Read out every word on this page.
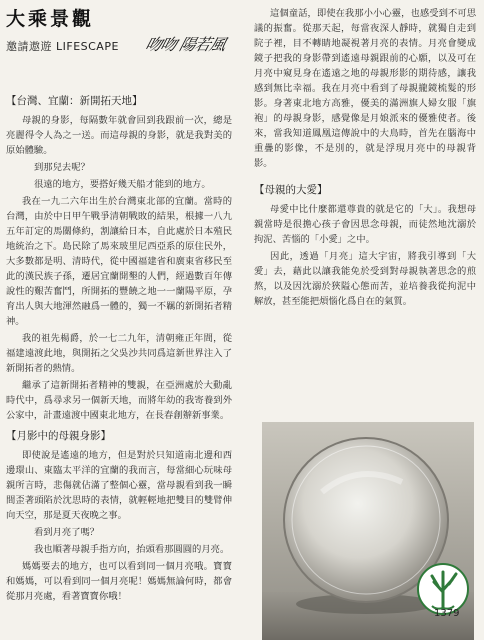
大乘景觀
邀請遨遊 LIFESCAPE 吻吻 陽若風
【台灣、宜蘭：新開拓天地】

母親的身影，每隔數年就會回到我跟前一次，總是亮麗得令人為之一送。而這母親的身影，就是我對美的原始體驗。

到那兒去呢？

很遠的地方，要搭好幾天船才能到的地方。

我在一九二六年出生於台灣東北部的宜蘭。當時的台灣，由於中日甲午戰爭清朝戰敗的結果，根據一八九五年訂定的馬關條約，割讓給日本，自此處於日本殖民地統治之下。島民除了馬來玻里尼西亞系的原住民外，大多數都是明、清時代，從中國福建省和廣東省移民至此的漢民族子孫，遷居宜蘭開墾的人們，經過數百年傳說性的艱苦奮鬥，所開拓的豐饒之地一一蘭陽平原，孕育出人與大地渾然融爲一體的，獨一不羈的新開拓者精神。

我的祖先楊爵，於一七二九年，清朝雍正年間，從福建遠渡此地，與開拓之父吳沙共同爲這新世界注入了新開拓者的熱情。

繼承了這新開拓者精神的雙親，在亞洲處於大動亂時代中，爲尋求另一個新天地，而將年幼的我寄養到外公家中，計畫遠渡中國東北地方，在長春創辦新事業。

【月影中的母親身影】

即使說是遙遠的地方，但是對於只知道南北邊和西邊環山、東臨太平洋的宜蘭的我而言，每當細心玩味母親所言時，悲傷就佔滿了整個心靈，當母親看到我一瞬間歪著頭陷於沈思時的表情，就輕輕地把雙目的雙臂伸向天空，那是夏天夜晚之事。

看到月亮了嗎？

我也順著母親手指方向，抬頭看那圓圓的月亮。

媽媽要去的地方，也可以看到同一個月亮哦。寶寶和媽媽，可以看到同一個月亮呢！媽媽無論何時，都會從那月亮處，看著寶寶你哦！

這個童話，即使在我那小小心靈，也感受到不可思議的振奮。從那天起，每當夜深人靜時，就獨自走到院子裡，目不轉睛地凝視著月亮的表情。月亮會變成鏡子把我的身影帶到遙遠母親跟前的心願，以及可在月亮中窺見身在遙遠之地的母親形影的期待感，讓我感到無比幸福。我在月亮中看到了母親攏鏡梳髮的形影。身著東北地方高雅，優美的滿洲旗人婦女服「旗袍」的母親身影，感覺像是月娘派來的優雅使者。後來，當我知道鳳凰這傳說中的大鳥時，首先在腦海中重疊的影像，不是別的，就是浮現月亮中的母親背影。

【母親的大愛】

母愛中比什麼都還尊貴的就是它的「大」。我想母親當時是很擔心孩子會因思念母親，而徒然地沈溺於拘泥、苦惱的「小愛」之中。

因此，透過「月亮」這大宇宙，將我引導到「大愛」去，藉此以讓我能免於受到對母親執著思念的煎熬，以及因沈溺於狹隘心態而苦，並培養我從拘泥中解放，甚至能把煩惱化爲自在的氣質。

1379
